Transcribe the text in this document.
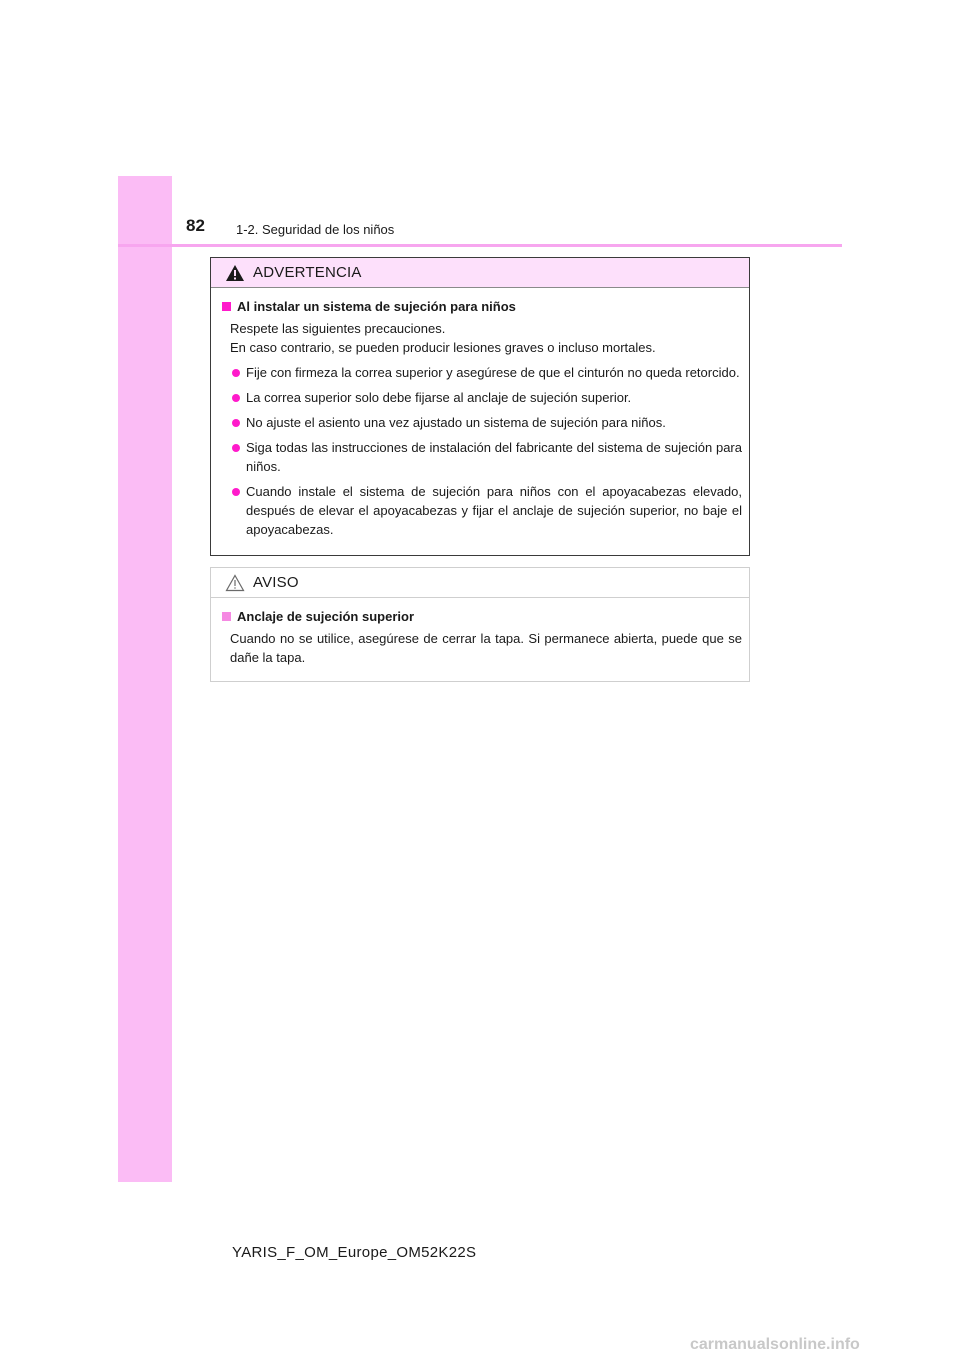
82 1-2. Seguridad de los niños
ADVERTENCIA
Al instalar un sistema de sujeción para niños
Respete las siguientes precauciones.
En caso contrario, se pueden producir lesiones graves o incluso mortales.
Fije con firmeza la correa superior y asegúrese de que el cinturón no queda retorcido.
La correa superior solo debe fijarse al anclaje de sujeción superior.
No ajuste el asiento una vez ajustado un sistema de sujeción para niños.
Siga todas las instrucciones de instalación del fabricante del sistema de sujeción para niños.
Cuando instale el sistema de sujeción para niños con el apoyacabezas elevado, después de elevar el apoyacabezas y fijar el anclaje de sujeción superior, no baje el apoyacabezas.
AVISO
Anclaje de sujeción superior
Cuando no se utilice, asegúrese de cerrar la tapa. Si permanece abierta, puede que se dañe la tapa.
YARIS_F_OM_Europe_OM52K22S
carmanualsonline.info
